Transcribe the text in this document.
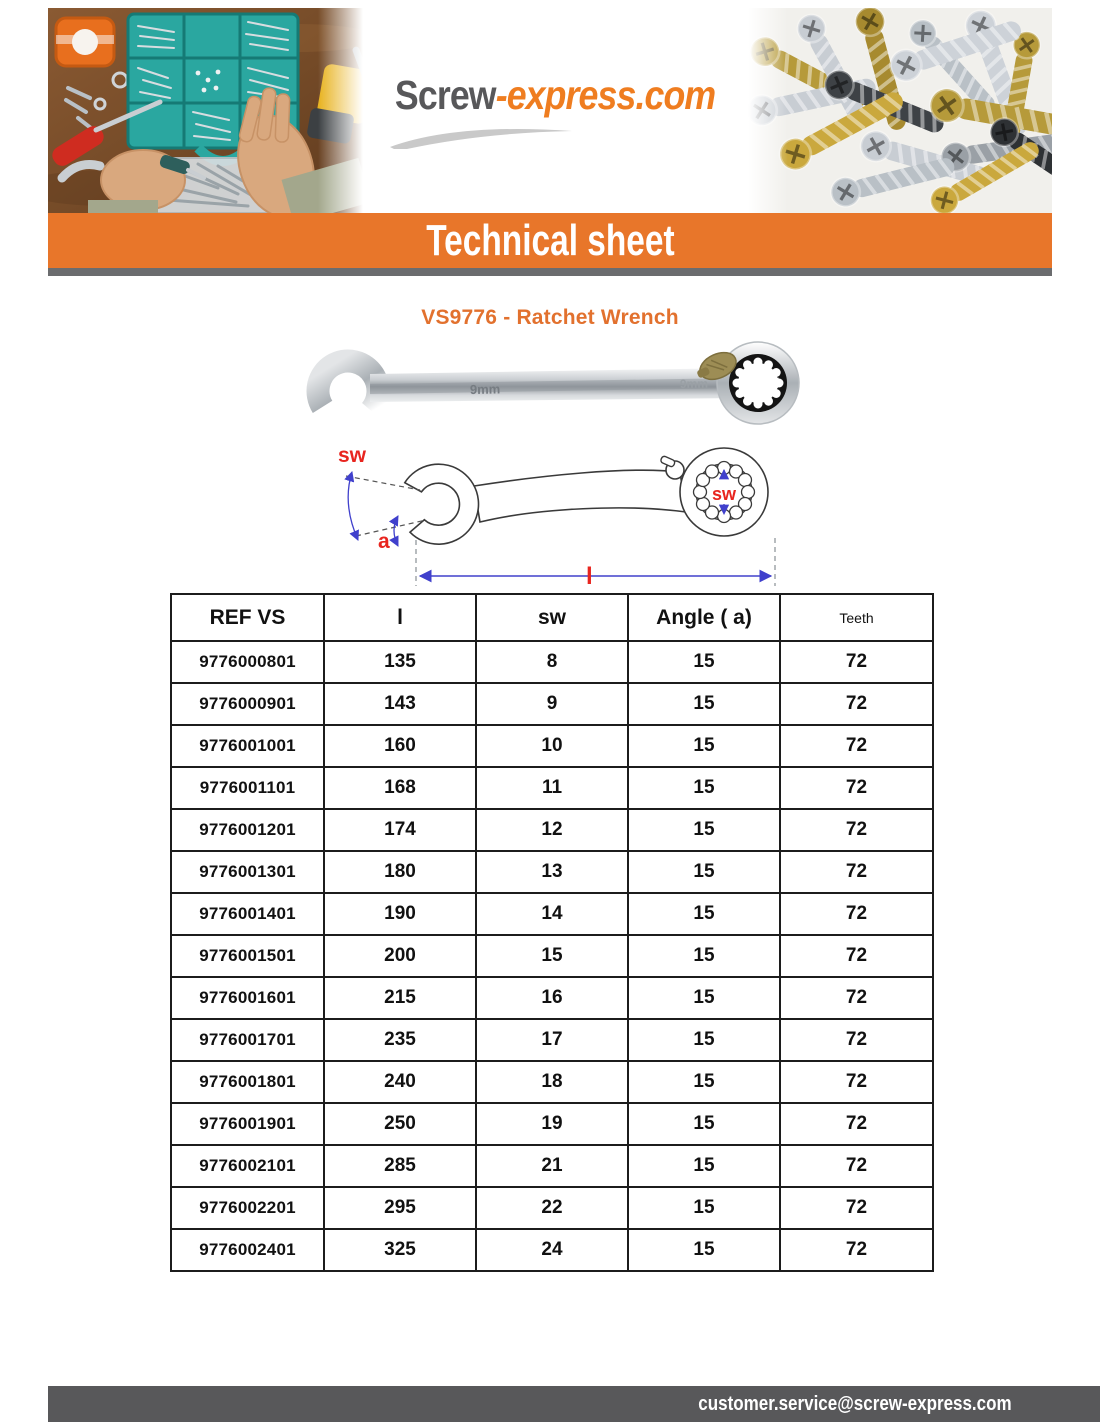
Screw-express.com
Technical sheet
VS9776 - Ratchet Wrench
9mm	9mm
sw
a
sw
l
REF VS	l	sw	Angle ( a)	Teeth
9776000801	135	8	15	72
9776000901	143	9	15	72
9776001001	160	10	15	72
9776001101	168	11	15	72
9776001201	174	12	15	72
9776001301	180	13	15	72
9776001401	190	14	15	72
9776001501	200	15	15	72
9776001601	215	16	15	72
9776001701	235	17	15	72
9776001801	240	18	15	72
9776001901	250	19	15	72
9776002101	285	21	15	72
9776002201	295	22	15	72
9776002401	325	24	15	72
customer.service@screw-express.com
